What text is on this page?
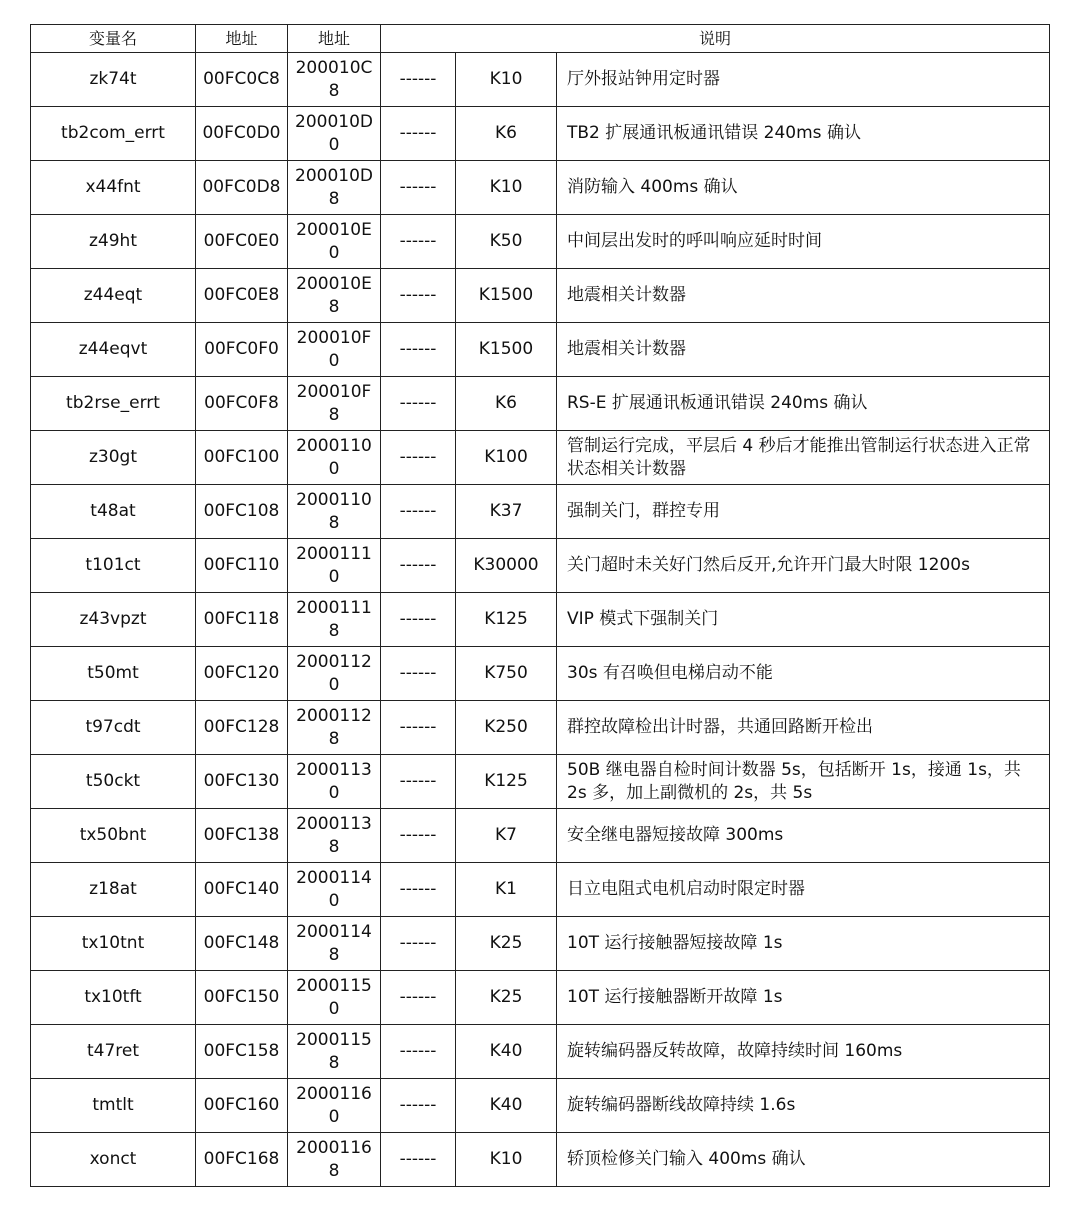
变量名	地址	地址	说明		
zk74t	00FC0C8	200010C8	------	K10	厅外报站钟用定时器
tb2com_errt	00FC0D0	200010D0	------	K6	TB2 扩展通讯板通讯错误 240ms 确认
x44fnt	00FC0D8	200010D8	------	K10	消防输入 400ms 确认
z49ht	00FC0E0	200010E0	------	K50	中间层出发时的呼叫响应延时时间
z44eqt	00FC0E8	200010E8	------	K1500	地震相关计数器
z44eqvt	00FC0F0	200010F0	------	K1500	地震相关计数器
tb2rse_errt	00FC0F8	200010F8	------	K6	RS-E 扩展通讯板通讯错误 240ms 确认
z30gt	00FC100	20001100	------	K100	管制运行完成，平层后 4 秒后才能推出管制运行状态进入正常状态相关计数器
t48at	00FC108	20001108	------	K37	强制关门，群控专用
t101ct	00FC110	20001110	------	K30000	关门超时未关好门然后反开,允许开门最大时限 1200s
z43vpzt	00FC118	20001118	------	K125	VIP 模式下强制关门
t50mt	00FC120	20001120	------	K750	30s 有召唤但电梯启动不能
t97cdt	00FC128	20001128	------	K250	群控故障检出计时器，共通回路断开检出
t50ckt	00FC130	20001130	------	K125	50B 继电器自检时间计数器 5s，包括断开 1s，接通 1s，共 2s 多，加上副微机的 2s，共 5s
tx50bnt	00FC138	20001138	------	K7	安全继电器短接故障 300ms
z18at	00FC140	20001140	------	K1	日立电阻式电机启动时限定时器
tx10tnt	00FC148	20001148	------	K25	10T 运行接触器短接故障 1s
tx10tft	00FC150	20001150	------	K25	10T 运行接触器断开故障 1s
t47ret	00FC158	20001158	------	K40	旋转编码器反转故障，故障持续时间 160ms
tmtlt	00FC160	20001160	------	K40	旋转编码器断线故障持续 1.6s
xonct	00FC168	20001168	------	K10	轿顶检修关门输入 400ms 确认
